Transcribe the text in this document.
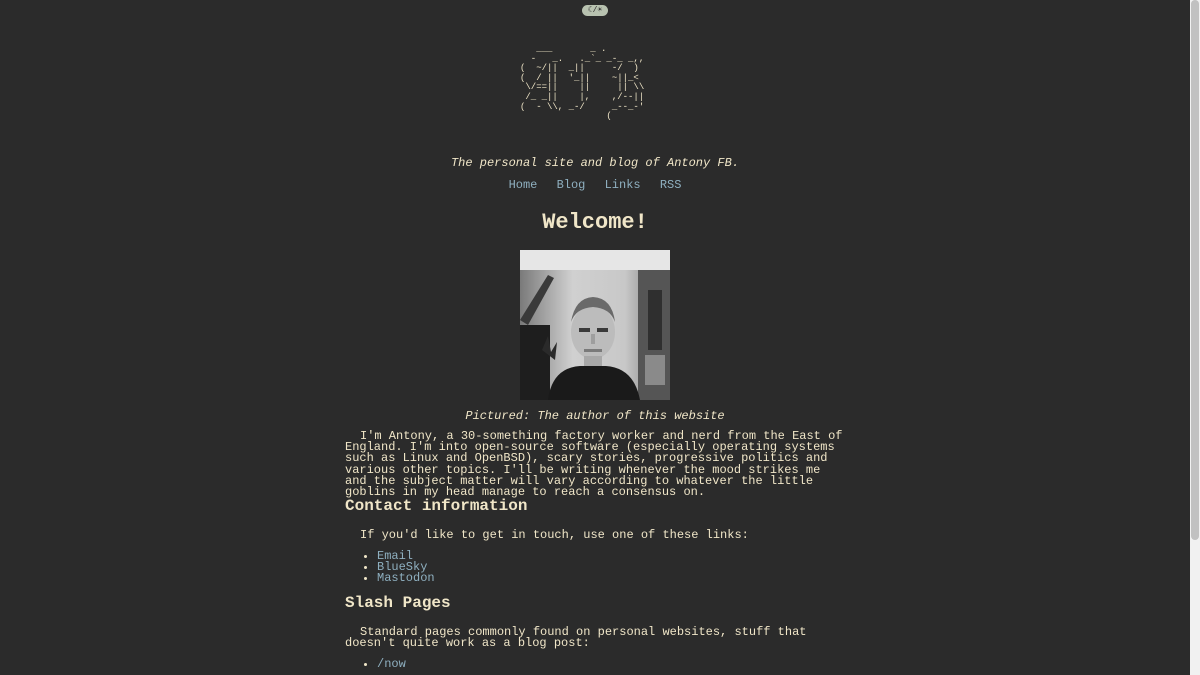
☾/☀
___       _ .
-   _.   ._`_ _-_ _,,
(  ~/||  _||     -/  )
(  / ||  '_||    ~||_<
\/==||    ||     || \\
/_ _||    |,    ,/--||
(  - \\, _-/     _--_-'
(
The personal site and blog of Antony FB.
Home Blog Links RSS
Welcome!
Pictured: The author of this website

I'm Antony, a 30-something factory worker and nerd from the East of England. I'm into open-source software (especially operating systems such as Linux and OpenBSD), scary stories, progressive politics and various other topics. I'll be writing whenever the mood strikes me and the subject matter will vary according to whatever the little goblins in my head manage to reach a consensus on.

Contact information

If you'd like to get in touch, use one of these links:

• Email
• BlueSky
• Mastodon
Slash Pages

Standard pages commonly found on personal websites, stuff that doesn't quite work as a blog post:

• /now
